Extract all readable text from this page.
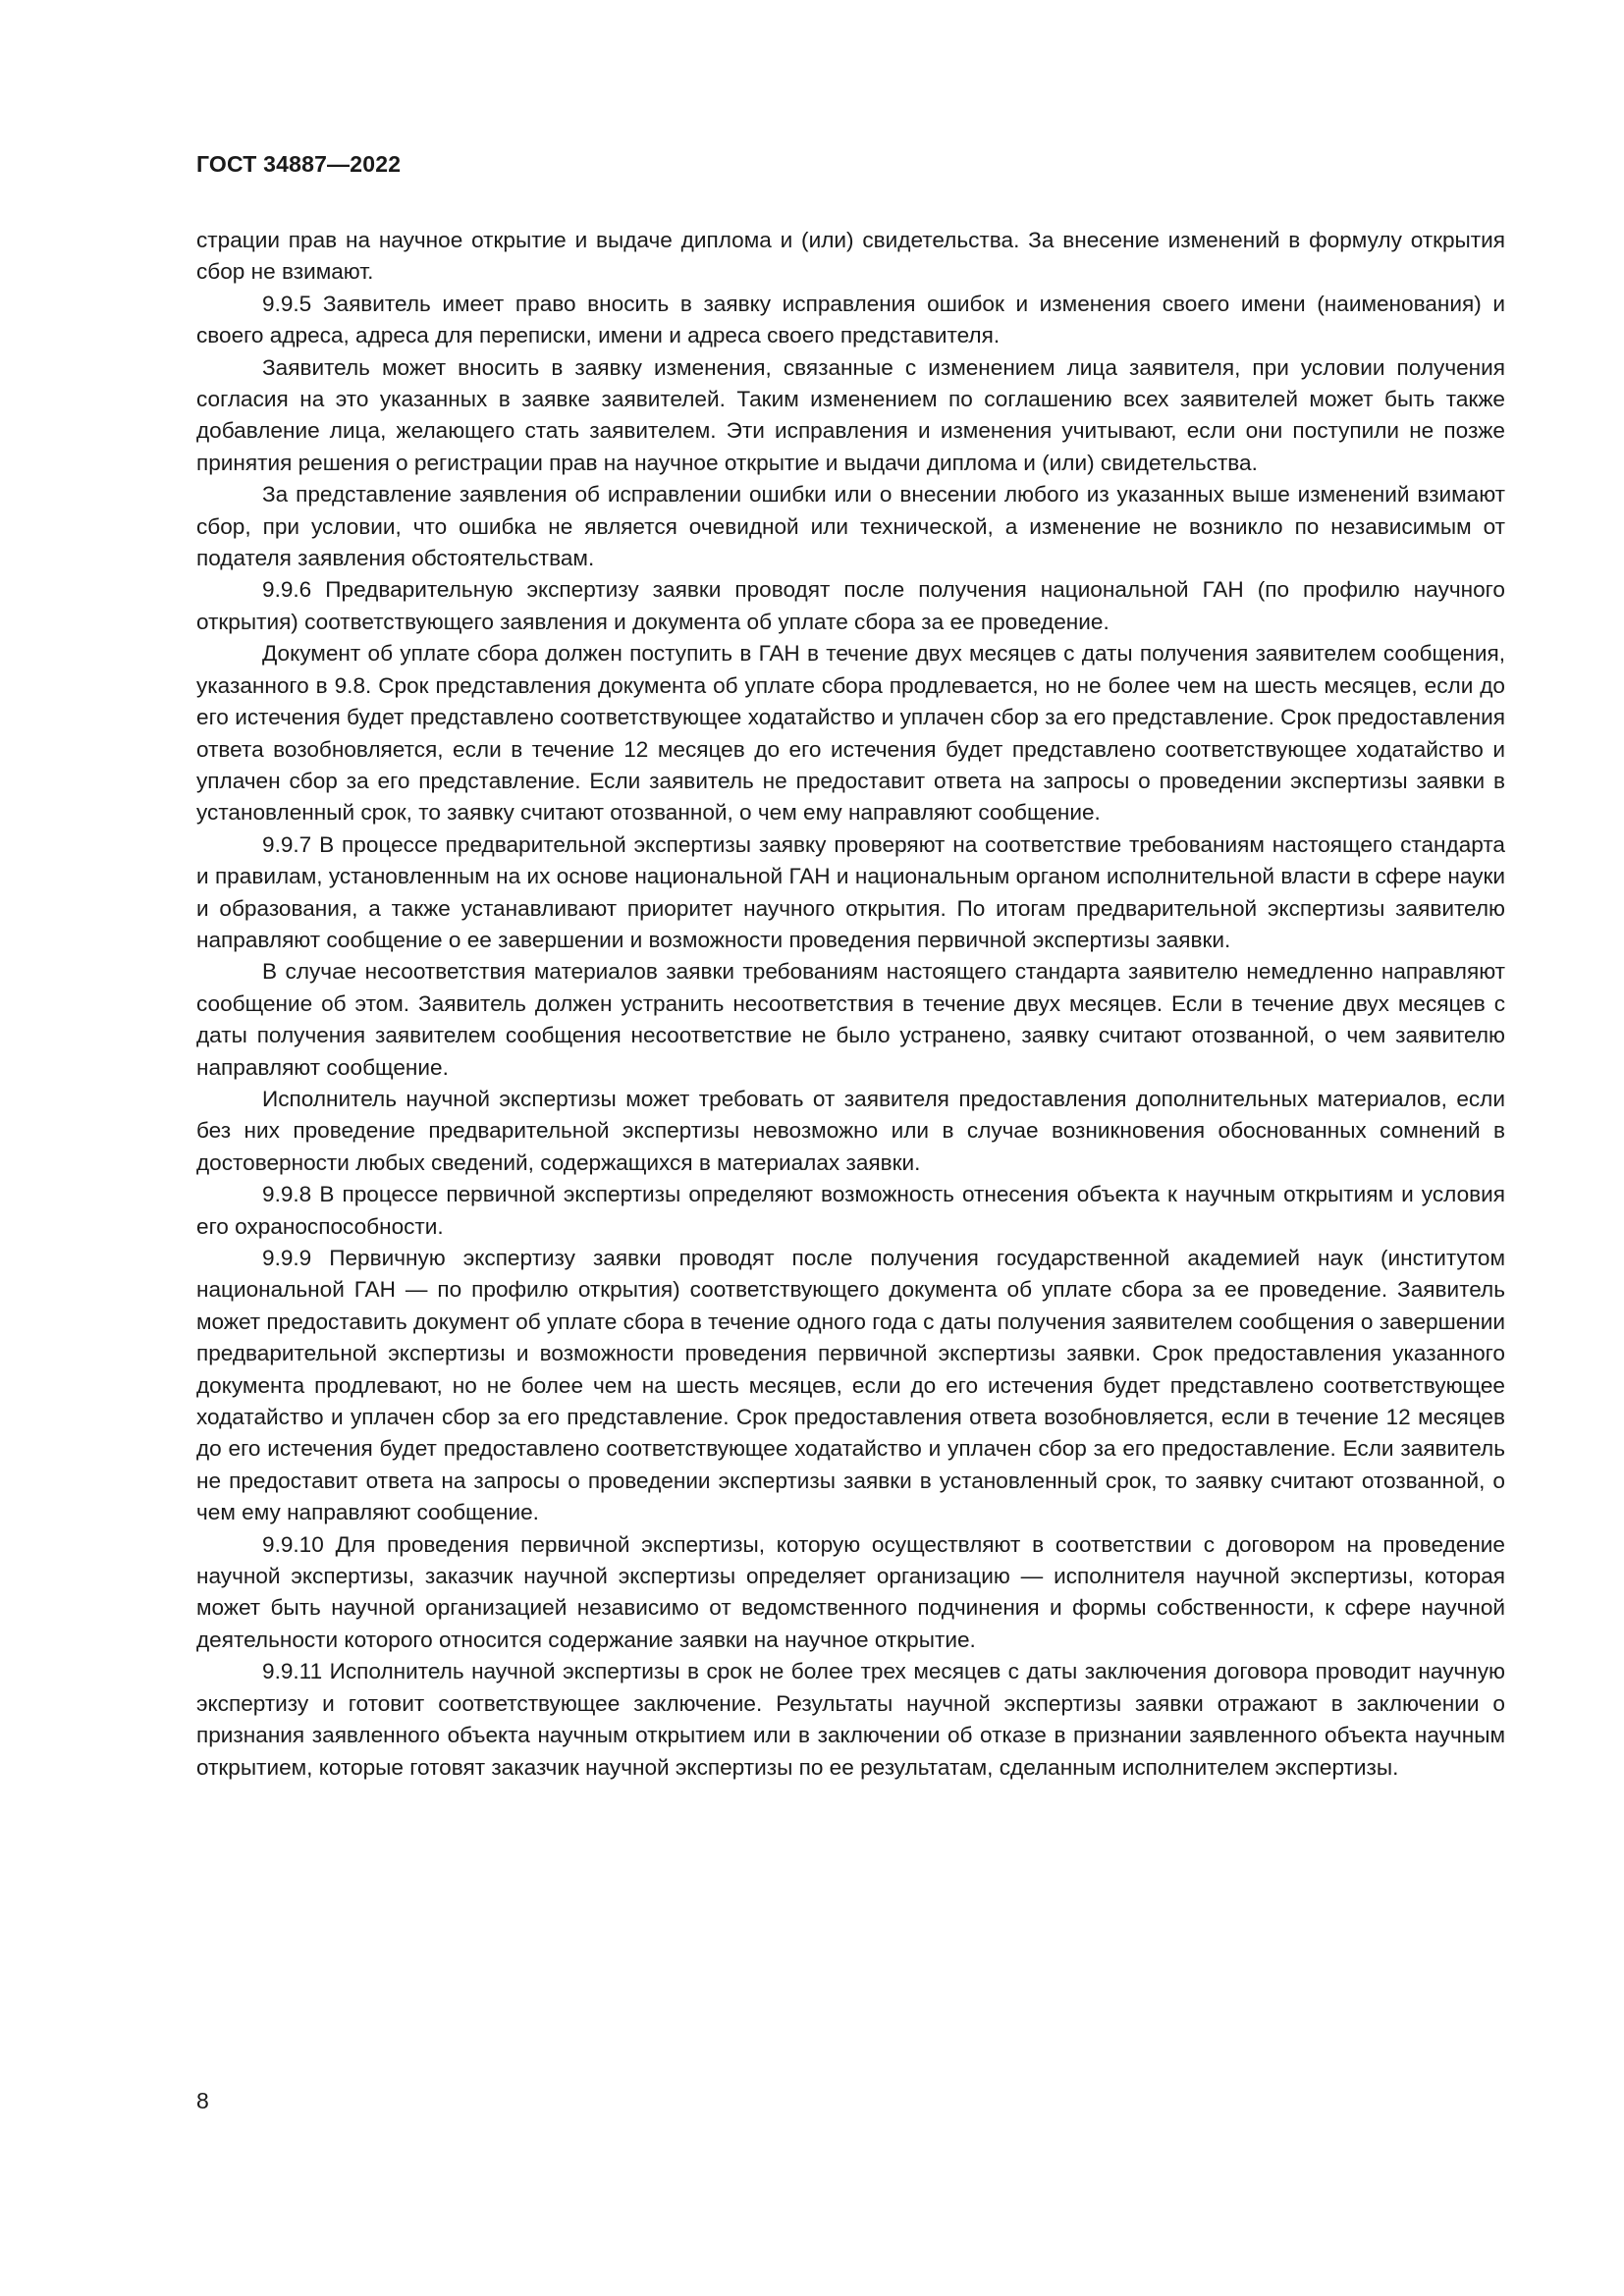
ГОСТ 34887—2022

страции прав на научное открытие и выдаче диплома и (или) свидетельства. За внесение изменений в формулу открытия сбор не взимают.

9.9.5 Заявитель имеет право вносить в заявку исправления ошибок и изменения своего имени (наименования) и своего адреса, адреса для переписки, имени и адреса своего представителя.

Заявитель может вносить в заявку изменения, связанные с изменением лица заявителя, при условии получения согласия на это указанных в заявке заявителей. Таким изменением по соглашению всех заявителей может быть также добавление лица, желающего стать заявителем. Эти исправления и изменения учитывают, если они поступили не позже принятия решения о регистрации прав на научное открытие и выдачи диплома и (или) свидетельства.

За представление заявления об исправлении ошибки или о внесении любого из указанных выше изменений взимают сбор, при условии, что ошибка не является очевидной или технической, а изменение не возникло по независимым от подателя заявления обстоятельствам.

9.9.6 Предварительную экспертизу заявки проводят после получения национальной ГАН (по профилю научного открытия) соответствующего заявления и документа об уплате сбора за ее проведение.

Документ об уплате сбора должен поступить в ГАН в течение двух месяцев с даты получения заявителем сообщения, указанного в 9.8. Срок представления документа об уплате сбора продлевается, но не более чем на шесть месяцев, если до его истечения будет представлено соответствующее ходатайство и уплачен сбор за его представление. Срок предоставления ответа возобновляется, если в течение 12 месяцев до его истечения будет представлено соответствующее ходатайство и уплачен сбор за его представление. Если заявитель не предоставит ответа на запросы о проведении экспертизы заявки в установленный срок, то заявку считают отозванной, о чем ему направляют сообщение.

9.9.7 В процессе предварительной экспертизы заявку проверяют на соответствие требованиям настоящего стандарта и правилам, установленным на их основе национальной ГАН и национальным органом исполнительной власти в сфере науки и образования, а также устанавливают приоритет научного открытия. По итогам предварительной экспертизы заявителю направляют сообщение о ее завершении и возможности проведения первичной экспертизы заявки.

В случае несоответствия материалов заявки требованиям настоящего стандарта заявителю немедленно направляют сообщение об этом. Заявитель должен устранить несоответствия в течение двух месяцев. Если в течение двух месяцев с даты получения заявителем сообщения несоответствие не было устранено, заявку считают отозванной, о чем заявителю направляют сообщение.

Исполнитель научной экспертизы может требовать от заявителя предоставления дополнительных материалов, если без них проведение предварительной экспертизы невозможно или в случае возникновения обоснованных сомнений в достоверности любых сведений, содержащихся в материалах заявки.

9.9.8 В процессе первичной экспертизы определяют возможность отнесения объекта к научным открытиям и условия его охраноспособности.

9.9.9 Первичную экспертизу заявки проводят после получения государственной академией наук (институтом национальной ГАН — по профилю открытия) соответствующего документа об уплате сбора за ее проведение. Заявитель может предоставить документ об уплате сбора в течение одного года с даты получения заявителем сообщения о завершении предварительной экспертизы и возможности проведения первичной экспертизы заявки. Срок предоставления указанного документа продлевают, но не более чем на шесть месяцев, если до его истечения будет представлено соответствующее ходатайство и уплачен сбор за его представление. Срок предоставления ответа возобновляется, если в течение 12 месяцев до его истечения будет предоставлено соответствующее ходатайство и уплачен сбор за его предоставление. Если заявитель не предоставит ответа на запросы о проведении экспертизы заявки в установленный срок, то заявку считают отозванной, о чем ему направляют сообщение.

9.9.10 Для проведения первичной экспертизы, которую осуществляют в соответствии с договором на проведение научной экспертизы, заказчик научной экспертизы определяет организацию — исполнителя научной экспертизы, которая может быть научной организацией независимо от ведомственного подчинения и формы собственности, к сфере научной деятельности которого относится содержание заявки на научное открытие.

9.9.11 Исполнитель научной экспертизы в срок не более трех месяцев с даты заключения договора проводит научную экспертизу и готовит соответствующее заключение. Результаты научной экспертизы заявки отражают в заключении о признания заявленного объекта научным открытием или в заключении об отказе в признании заявленного объекта научным открытием, которые готовят заказчик научной экспертизы по ее результатам, сделанным исполнителем экспертизы.

8
